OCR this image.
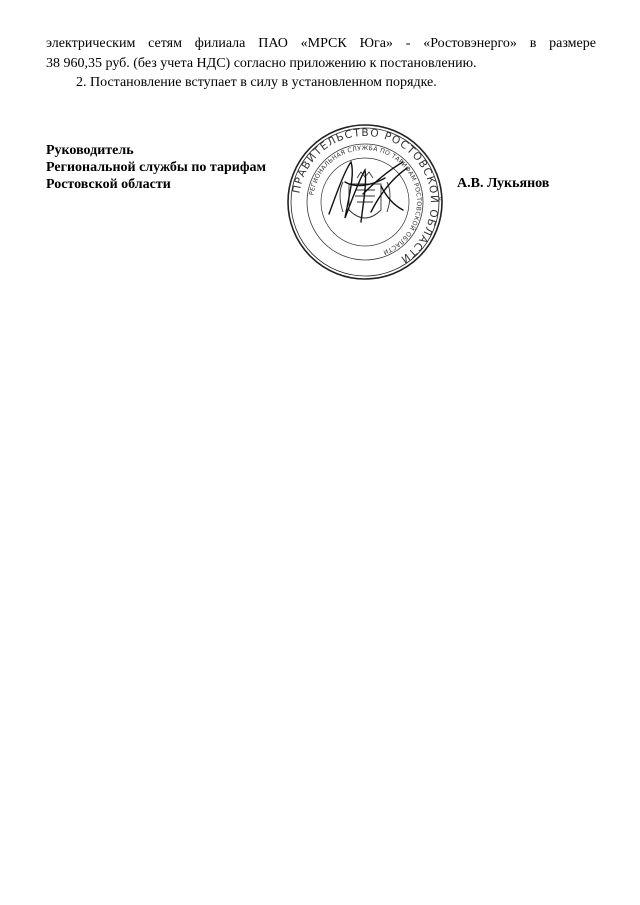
электрическим сетям филиала ПАО «МРСК Юга» - «Ростовэнерго» в размере
38 960,35 руб. (без учета НДС) согласно приложению к постановлению.
2. Постановление вступает в силу в установленном порядке.
Руководитель
Региональной службы по тарифам
Ростовской области	ПРАВИТЕЛЬСТВО РОСТОВСКОЙ ОБЛАСТИ
РЕГИОНАЛЬНАЯ СЛУЖБА ПО ТАРИФАМ РОСТОВСКОЙ ОБЛАСТИ
А.В. Лукьянов
